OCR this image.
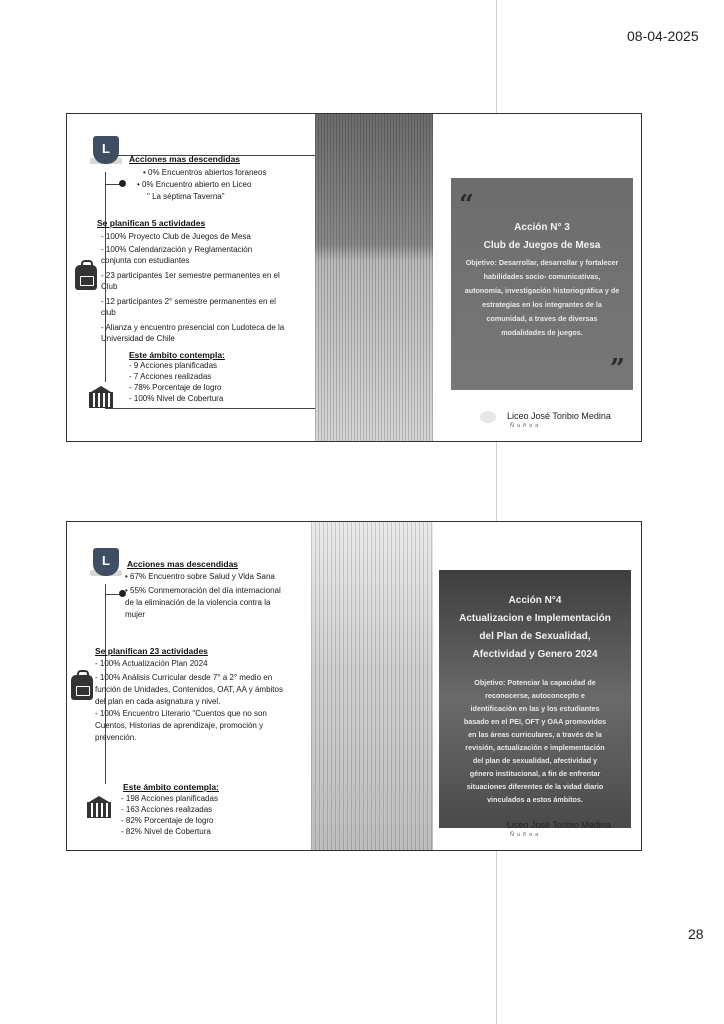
08-04-2025
L
Acciones mas descendidas
• 0% Encuentros abiertos foraneos
• 0% Encuentro abierto en Liceo
" La séptima Taverna"
Se planifican 5 actividades
- 100% Proyecto Club de Juegos de Mesa
- 100% Calendarización y Reglamentación
conjunta con estudiantes
- 23 participantes 1er semestre permanentes en el
Club
- 12 participantes 2° semestre permanentes en el
club
- Alianza y encuentro presencial con Ludoteca de la
Universidad de Chile
Este ámbito contempla:
- 9 Acciones planificadas
- 7 Acciones realizadas
- 78% Porcentaje de logro
- 100% Nivel de Cobertura
“
Acción N° 3
Club de Juegos de Mesa
Objetivo: Desarrollar, desarrollar y fortalecer
habilidades socio- comunicativas,
autonomía, investigación historiográfica y de
estrategias en los integrantes de la
comunidad, a traves de diversas
modalidades de juegos.
”
Liceo José Toribio Medina
Ñuñoa
L	Acciones mas descendidas
• 67% Encuentro sobre Salud y Vida Sana
• 55% Conmemoración del día internacional
de la eliminación de la violencia contra la
mujer
Se planifican 23 actividades
- 100% Actualización Plan 2024
- 100% Análisis Curricular desde 7° a 2° medio en
función de Unidades, Contenidos, OAT, AA y ámbitos
del plan en cada asignatura y nivel.
- 100% Encuentro Literario "Cuentos que no son
Cuentos, Historias de aprendizaje, promoción y
prevención.
Este ámbito contempla:
- 198 Acciones planificadas
- 163 Acciones realizadas
- 82% Porcentaje de logro
- 82% Nivel de Cobertura
Acción N°4
Actualizacion e Implementación
del Plan de Sexualidad,
Afectividad y Genero 2024
Objetivo: Potenciar la capacidad de
reconocerse, autoconcepto e
identificación en las y los estudiantes
basado en el PEI, OFT y OAA promovidos
en las áreas curriculares, a través de la
revisión, actualización e implementación
del plan de sexualidad, afectividad y
género institucional, a fin de enfrentar
situaciones diferentes de la vidad diario
vinculados a estos ámbitos.
Liceo José Toribio Medina
Ñuñoa
28
